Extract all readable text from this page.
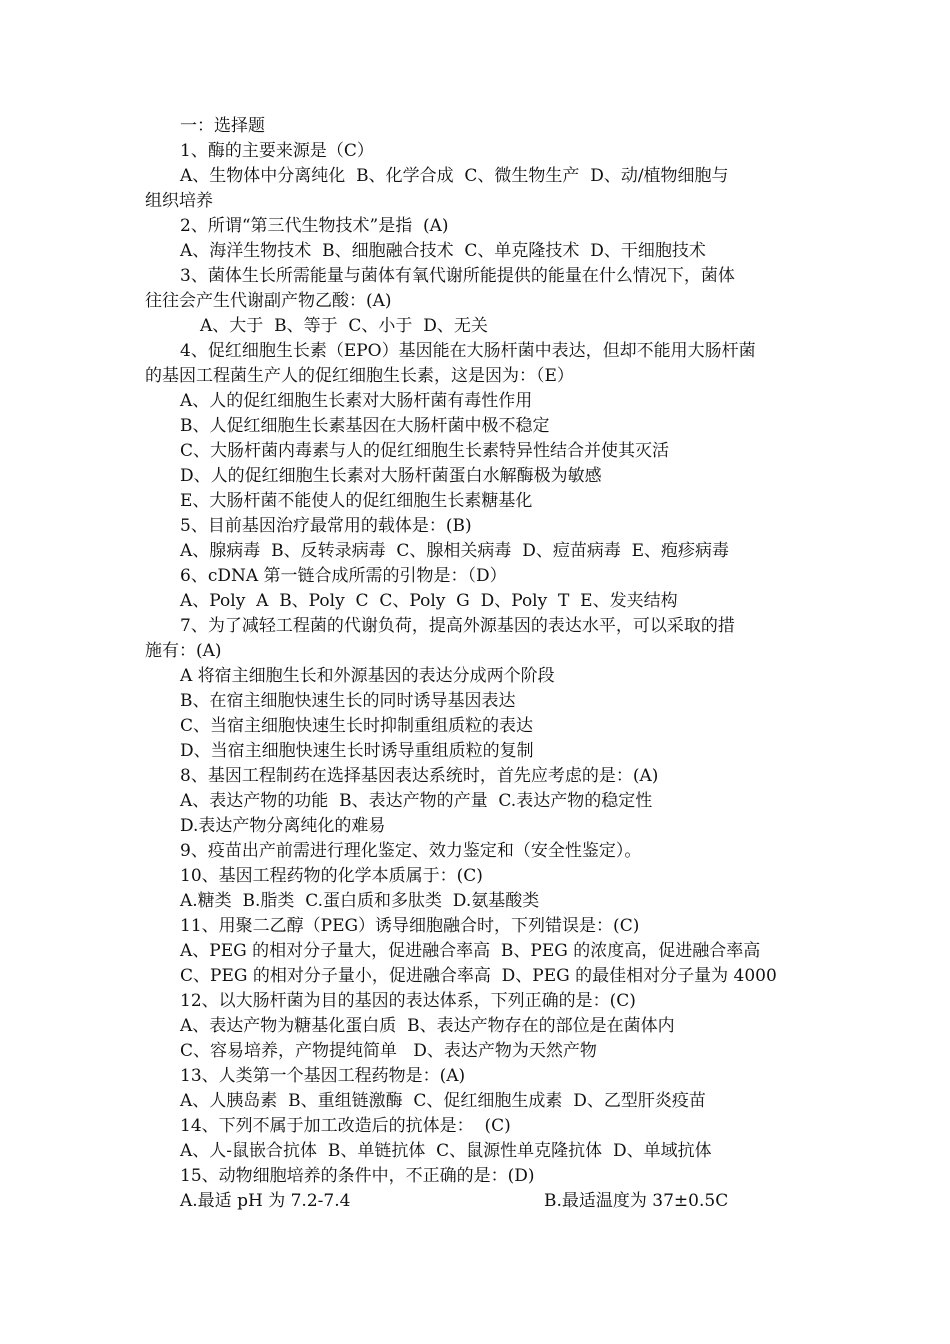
一：选择题
1、酶的主要来源是（C）
A、生物体中分离纯化  B、化学合成  C、微生物生产  D、动/植物细胞与
组织培养
2、所谓“第三代生物技术”是指  (A)
A、海洋生物技术  B、细胞融合技术  C、单克隆技术  D、干细胞技术
3、菌体生长所需能量与菌体有氧代谢所能提供的能量在什么情况下，菌体
往往会产生代谢副产物乙酸：(A)
A、大于  B、等于  C、小于  D、无关
4、促红细胞生长素（EPO）基因能在大肠杆菌中表达，但却不能用大肠杆菌
的基因工程菌生产人的促红细胞生长素，这是因为：（E）
A、人的促红细胞生长素对大肠杆菌有毒性作用
B、人促红细胞生长素基因在大肠杆菌中极不稳定
C、大肠杆菌内毒素与人的促红细胞生长素特异性结合并使其灭活
D、人的促红细胞生长素对大肠杆菌蛋白水解酶极为敏感
E、大肠杆菌不能使人的促红细胞生长素糖基化
5、目前基因治疗最常用的载体是：(B)
A、腺病毒  B、反转录病毒  C、腺相关病毒  D、痘苗病毒  E、疱疹病毒
6、cDNA 第一链合成所需的引物是：（D）
A、Poly  A  B、Poly  C  C、Poly  G  D、Poly  T  E、发夹结构
7、为了减轻工程菌的代谢负荷，提高外源基因的表达水平，可以采取的措
施有：(A)
A 将宿主细胞生长和外源基因的表达分成两个阶段
B、在宿主细胞快速生长的同时诱导基因表达
C、当宿主细胞快速生长时抑制重组质粒的表达
D、当宿主细胞快速生长时诱导重组质粒的复制
8、基因工程制药在选择基因表达系统时，首先应考虑的是：(A)
A、表达产物的功能  B、表达产物的产量  C.表达产物的稳定性
D.表达产物分离纯化的难易
9、疫苗出产前需进行理化鉴定、效力鉴定和（安全性鉴定）。
10、基因工程药物的化学本质属于：(C)
A.糖类  B.脂类  C.蛋白质和多肽类  D.氨基酸类
11、用聚二乙醇（PEG）诱导细胞融合时，下列错误是：(C)
A、PEG 的相对分子量大，促进融合率高  B、PEG 的浓度高，促进融合率高
C、PEG 的相对分子量小，促进融合率高  D、PEG 的最佳相对分子量为 4000
12、以大肠杆菌为目的基因的表达体系，下列正确的是：(C)
A、表达产物为糖基化蛋白质  B、表达产物存在的部位是在菌体内
C、容易培养，产物提纯简单   D、表达产物为天然产物
13、人类第一个基因工程药物是：(A)
A、人胰岛素  B、重组链激酶  C、促红细胞生成素  D、乙型肝炎疫苗
14、下列不属于加工改造后的抗体是：  (C)
A、人-鼠嵌合抗体  B、单链抗体  C、鼠源性单克隆抗体  D、单域抗体
15、动物细胞培养的条件中，不正确的是：(D)
A.最适 pH 为 7.2-7.4	B.最适温度为 37±0.5C
